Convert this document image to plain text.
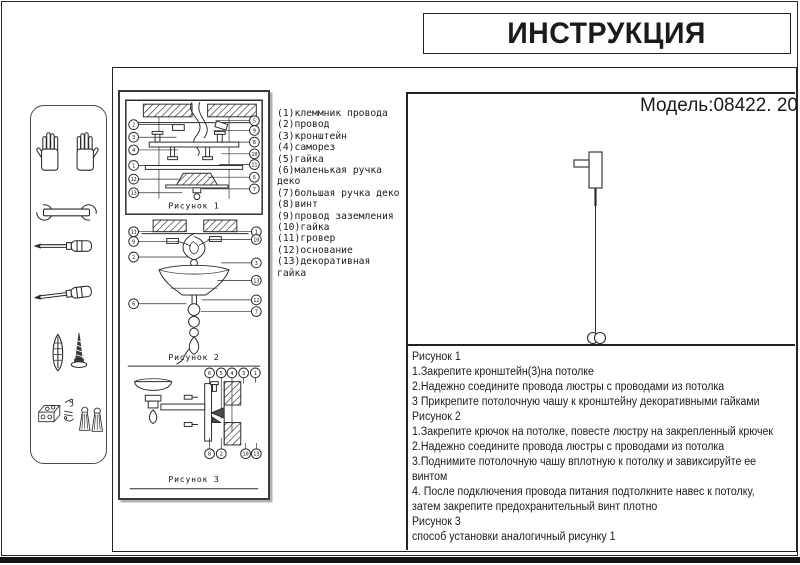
ИНСТРУКЦИЯ
2
3
4
1
12
13
5
9
8
10
11
6
7
Рисунок 1
11
9
2
6
1
10
3
13
12
7
Рисунок 2
6 5 4 3 1
8 2	10 13
Рисунок 3
(1)клеммник провода
(2)провод
(3)кронштейн
(4)саморез
(5)гайка
(6)маленькая ручка деко
(7)большая ручка деко
(8)винт
(9)провод заземления
(10)гайка
(11)гровер
(12)основание
(13)декоративная гайка
Модель:08422. 20
Рисунок 1
1.Закрепите кронштейн(3)на потолке
2.Надежно соедините провода люстры с проводами из потолка
3 Прикрепите потолочную чашу к кронштейну декоративными гайками
Рисунок 2
1.Закрепите крючок на потолке, повесте люстру на закрепленный крючек
2.Надежно соедините провода люстры с проводами из потолка
3.Поднимите потолочную чашу вплотную к потолку и завиксируйте ее
винтом
4. После подключения провода питания подтолкните навес к потолку,
затем закрепите предохранительный винт плотно
Рисунок 3
способ установки аналогичный рисунку 1
